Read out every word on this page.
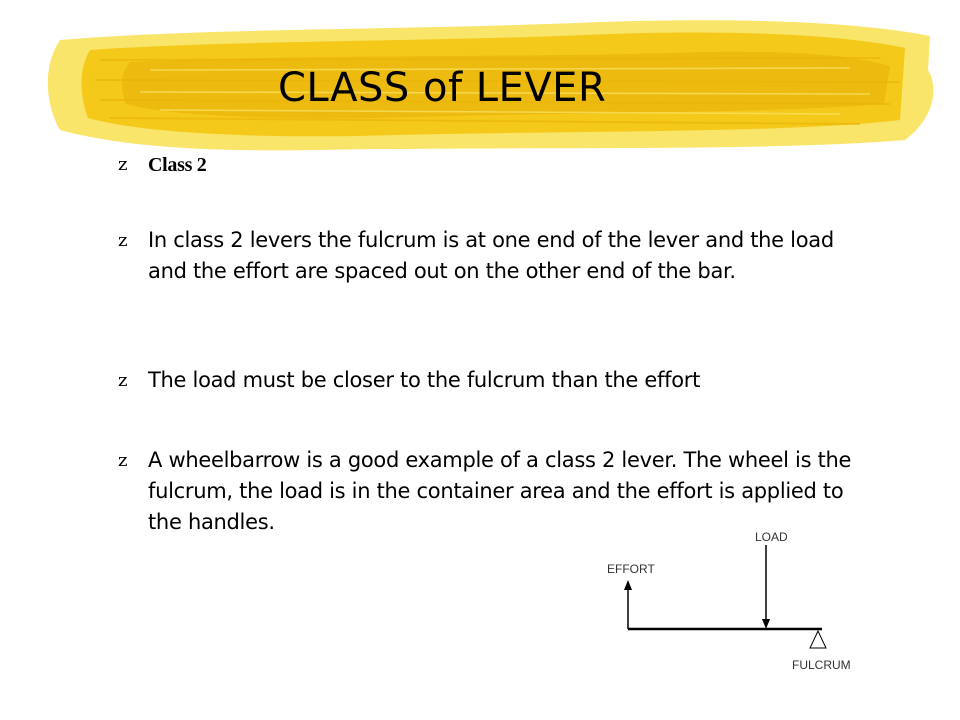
CLASS of LEVER
z Class 2
z In class 2 levers the fulcrum is at one end of the lever and the load and the effort are spaced out on the other end of the bar.
z The load must be closer to the fulcrum than the effort
z A wheelbarrow is a good example of a class 2 lever. The wheel is the fulcrum, the load is in the container area and the effort is applied to the handles.
LOAD
EFFORT
FULCRUM
